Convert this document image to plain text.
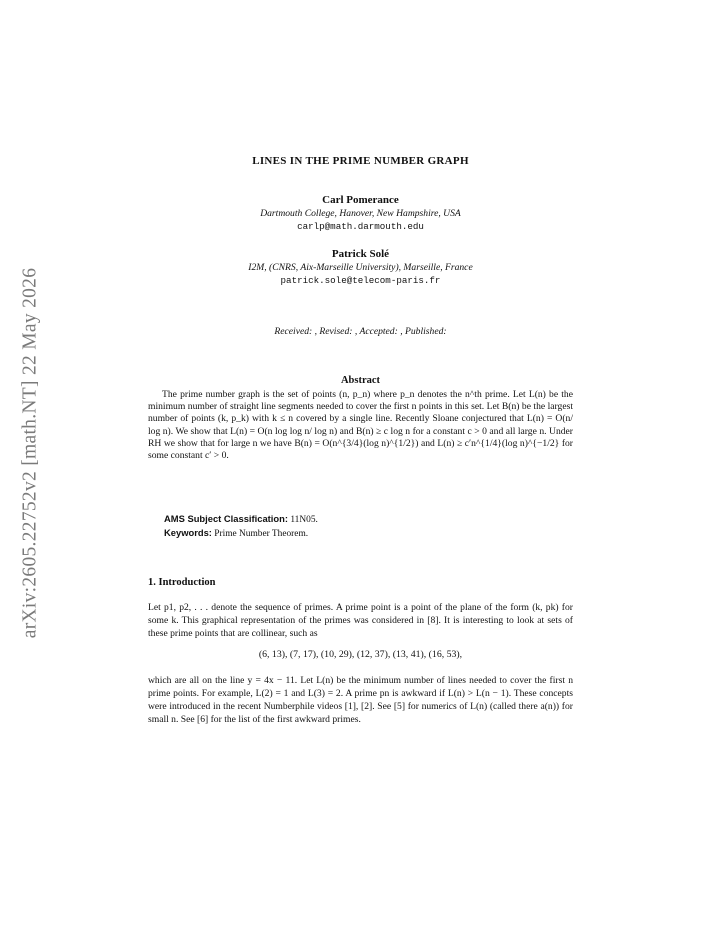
arXiv:2605.22752v2 [math.NT] 22 May 2026
LINES IN THE PRIME NUMBER GRAPH
Carl Pomerance
Dartmouth College, Hanover, New Hampshire, USA
carlp@math.darmouth.edu
Patrick Solé
I2M, (CNRS, Aix-Marseille University), Marseille, France
patrick.sole@telecom-paris.fr
Received: , Revised: , Accepted: , Published:
Abstract
The prime number graph is the set of points (n, p_n) where p_n denotes the n^th prime. Let L(n) be the minimum number of straight line segments needed to cover the first n points in this set. Let B(n) be the largest number of points (k, p_k) with k ≤ n covered by a single line. Recently Sloane conjectured that L(n) = O(n/ log n). We show that L(n) = O(n log log n/ log n) and B(n) ≥ c log n for a constant c > 0 and all large n. Under RH we show that for large n we have B(n) = O(n^{3/4}(log n)^{1/2}) and L(n) ≥ c′n^{1/4}(log n)^{−1/2} for some constant c′ > 0.
AMS Subject Classification: 11N05.
Keywords: Prime Number Theorem.
1. Introduction
Let p1, p2, . . . denote the sequence of primes. A prime point is a point of the plane of the form (k, pk) for some k. This graphical representation of the primes was considered in [8]. It is interesting to look at sets of these prime points that are collinear, such as
(6, 13), (7, 17), (10, 29), (12, 37), (13, 41), (16, 53),
which are all on the line y = 4x − 11. Let L(n) be the minimum number of lines needed to cover the first n prime points. For example, L(2) = 1 and L(3) = 2. A prime pn is awkward if L(n) > L(n − 1). These concepts were introduced in the recent Numberphile videos [1], [2]. See [5] for numerics of L(n) (called there a(n)) for small n. See [6] for the list of the first awkward primes.
